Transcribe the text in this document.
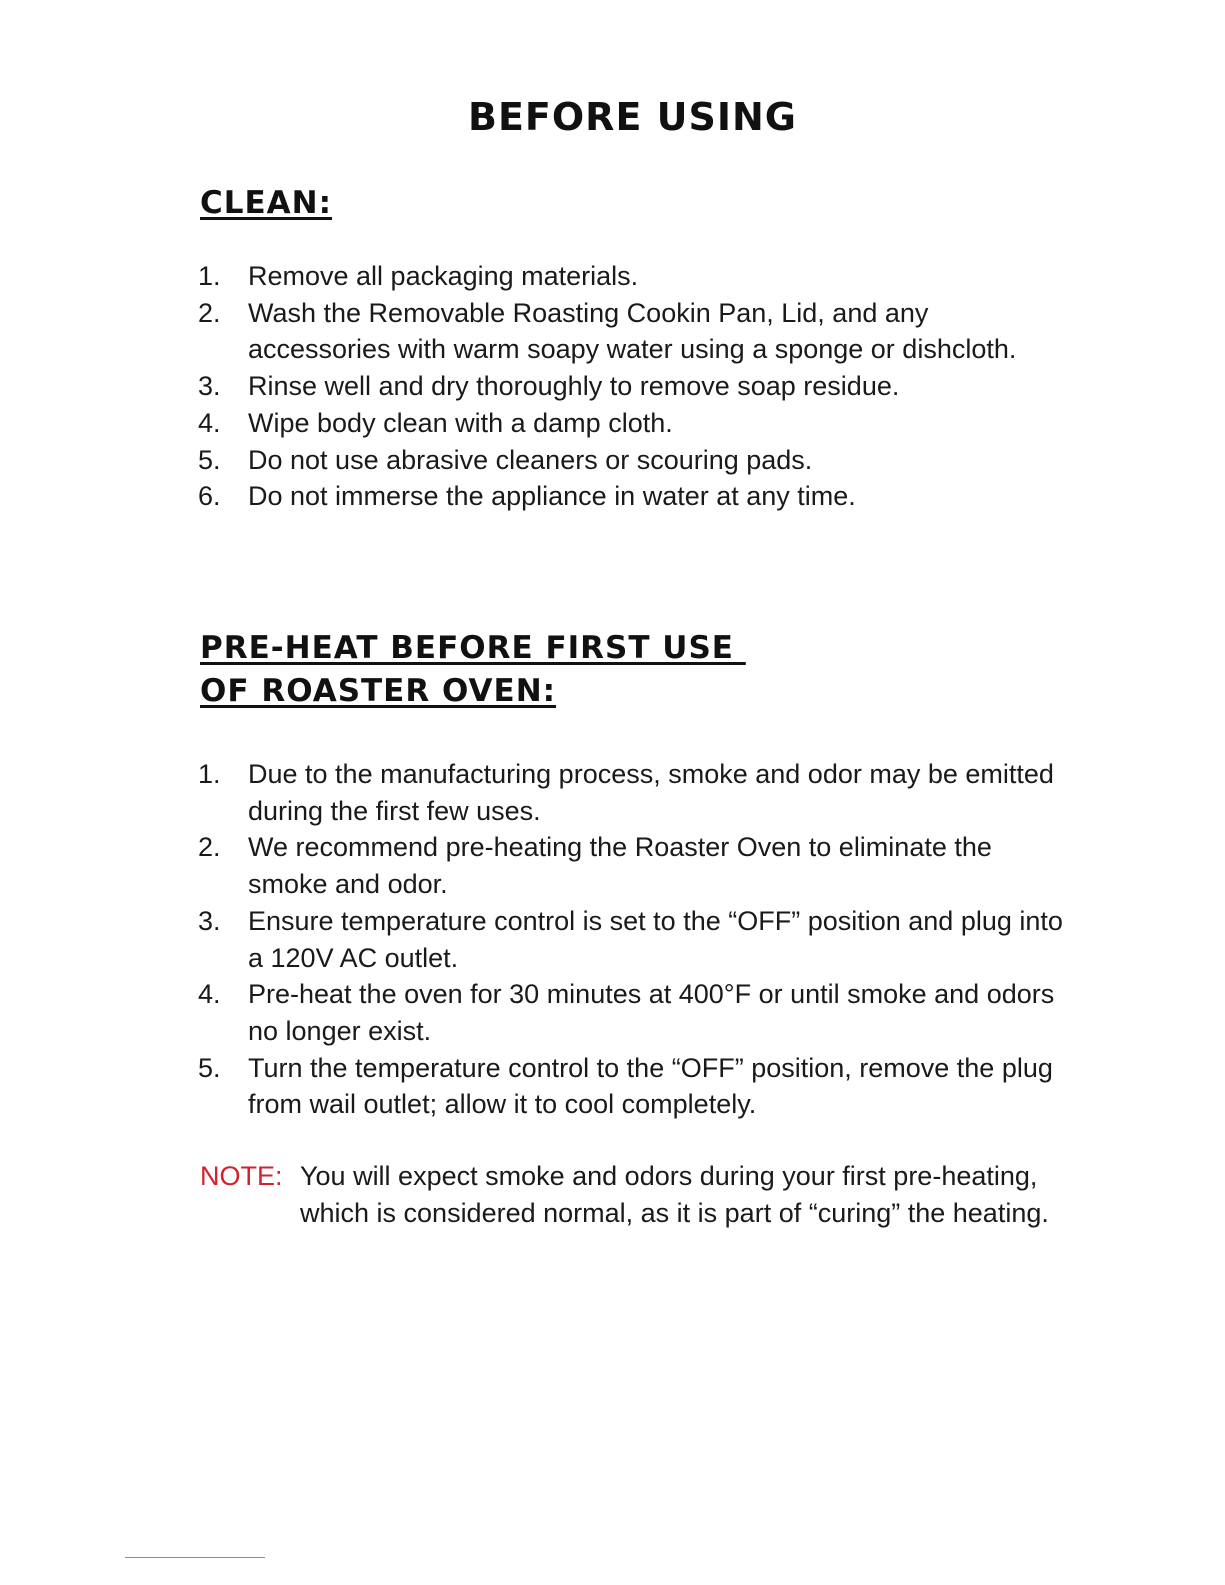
BEFORE USING
CLEAN:
1. Remove all packaging materials.
2. Wash the Removable Roasting Cookin Pan, Lid, and any accessories with warm soapy water using a sponge or dishcloth.
3. Rinse well and dry thoroughly to remove soap residue.
4. Wipe body clean with a damp cloth.
5. Do not use abrasive cleaners or scouring pads.
6. Do not immerse the appliance in water at any time.
PRE-HEAT BEFORE FIRST USE
OF ROASTER OVEN:
1. Due to the manufacturing process, smoke and odor may be emitted during the first few uses.
2. We recommend pre-heating the Roaster Oven to eliminate the smoke and odor.
3. Ensure temperature control is set to the “OFF” position and plug into a 120V AC outlet.
4. Pre-heat the oven for 30 minutes at 400°F or until smoke and odors no longer exist.
5. Turn the temperature control to the “OFF” position, remove the plug from wail outlet; allow it to cool completely.
NOTE: You will expect smoke and odors during your first pre-heating, which is considered normal, as it is part of “curing” the heating.
